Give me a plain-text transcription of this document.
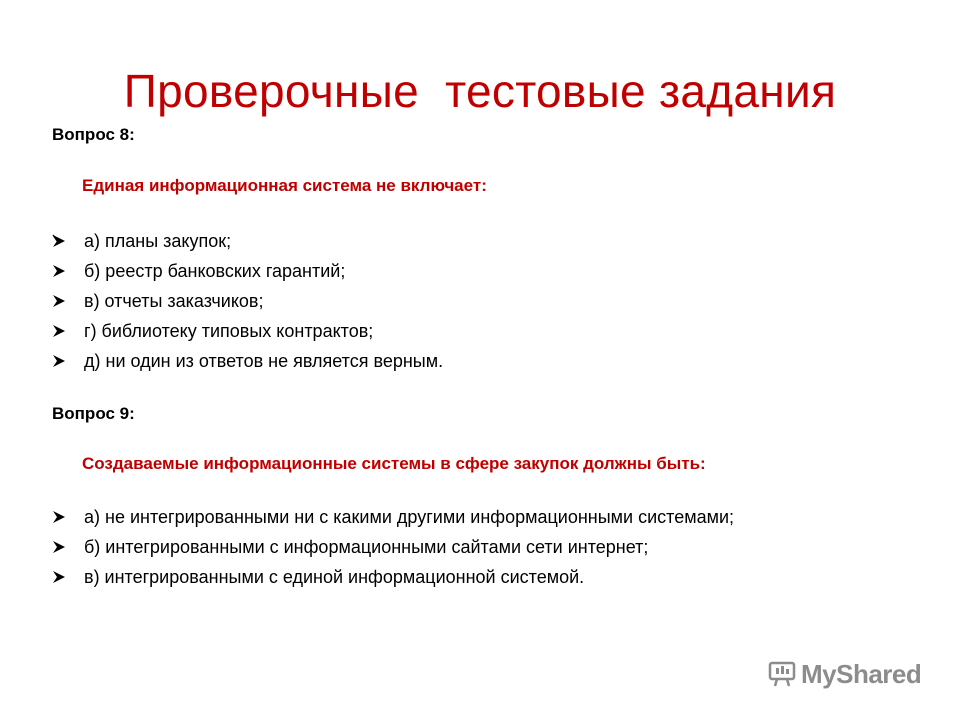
Проверочные  тестовые задания
Вопрос 8:
Единая информационная система не включает:
а) планы закупок;
б) реестр банковских гарантий;
в) отчеты заказчиков;
г) библиотеку типовых контрактов;
д) ни один из ответов не является верным.
Вопрос 9:
Создаваемые информационные системы в сфере закупок должны быть:
а) не интегрированными ни с какими другими информационными системами;
б) интегрированными с информационными сайтами сети интернет;
в) интегрированными с единой информационной системой.
MyShared
